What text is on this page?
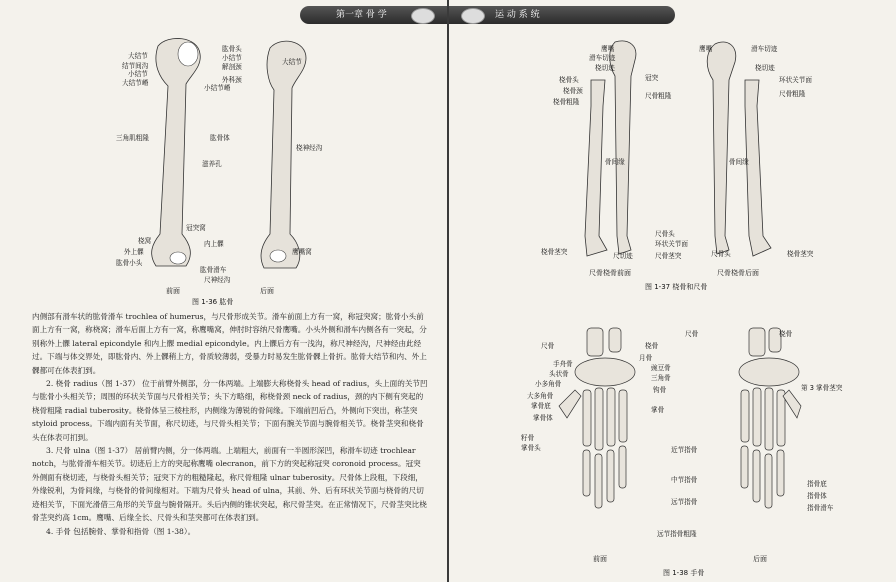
第一章 骨 学
大结节
结节间沟
小结节
大结节嵴
三角肌粗隆
桡窝
外上髁
肱骨小头
肱骨头
小结节
解剖颈
外科颈
小结节嵴
肱骨体
滋养孔
冠突窝
内上髁
肱骨滑车
尺神经沟
大结节
桡神经沟
鹰嘴窝
前面	后面
图 1-36 肱骨

内侧部有滑车状的肱骨滑车 trochlea of humerus，与尺骨形成关节。滑车前面上方有一窝，称冠突窝；肱骨小头前面上方有一窝，称桡窝；滑车后面上方有一窝，称鹰嘴窝，伸肘时容纳尺骨鹰嘴。小头外侧和滑车内侧各有一突起，分别称外上髁 lateral epicondyle 和内上髁 medial epicondyle。内上髁后方有一浅沟，称尺神经沟，尺神经由此经过。下端与体交界处，即肱骨内、外上髁稍上方，骨质较薄弱，受暴力时易发生肱骨髁上骨折。肱骨大结节和内、外上髁都可在体表扪到。

2. 桡骨 radius（图 1-37） 位于前臂外侧部，分一体两端。上端膨大称桡骨头 head of radius，头上面的关节凹与肱骨小头相关节；周围的环状关节面与尺骨相关节；头下方略细，称桡骨颈 neck of radius，颈的内下侧有突起的桡骨粗隆 radial tuberosity。桡骨体呈三棱柱形，内侧缘为薄锐的骨间缘。下端前凹后凸，外侧向下突出，称茎突 styloid process。下端内面有关节面，称尺切迹，与尺骨头相关节；下面有腕关节面与腕骨相关节。桡骨茎突和桡骨头在体表可扪到。

3. 尺骨 ulna（图 1-37） 居前臂内侧，分一体两端。上端粗大，前面有一半圆形深凹，称滑车切迹 trochlear notch，与肱骨滑车相关节。切迹后上方的突起称鹰嘴 olecranon，前下方的突起称冠突 coronoid process。冠突外侧面有桡切迹，与桡骨头相关节；冠突下方的粗糙隆起，称尺骨粗隆 ulnar tuberosity。尺骨体上段粗，下段细，外缘锐利，为骨间缘，与桡骨的骨间缘相对。下端为尺骨头 head of ulna，其前、外、后有环状关节面与桡骨的尺切迹相关节，下面光滑借三角形的关节盘与腕骨隔开。头后内侧的锥状突起，称尺骨茎突。在正常情况下，尺骨茎突比桡骨茎突约高 1cm。鹰嘴、后缘全长、尺骨头和茎突都可在体表扪到。

4. 手骨 包括腕骨、掌骨和指骨（图 1-38）。

运 动 系 统
鹰嘴
滑车切迹
桡切迹
冠突
桡骨头
桡骨颈
桡骨粗隆
尺骨粗隆
骨间缘	骨间缘
尺骨头
环状关节面
桡骨茎突	尺切迹	尺骨茎突
鹰嘴	滑车切迹
桡切迹
环状关节面
尺骨粗隆
桡骨茎突
尺骨头
尺骨桡骨前面	尺骨桡骨后面
图 1-37 桡骨和尺骨
尺骨	桡骨
手舟骨
头状骨
小多角骨
大多角骨
掌骨底
掌骨体
掌骨头
籽骨
月骨
三角骨
豌豆骨
钩骨
掌骨
近节指骨
中节指骨
远节指骨
远节指骨粗隆
尺骨	桡骨
第 3 掌骨茎突
指骨底
指骨体
指骨滑车
前面	后面
图 1-38 手骨
